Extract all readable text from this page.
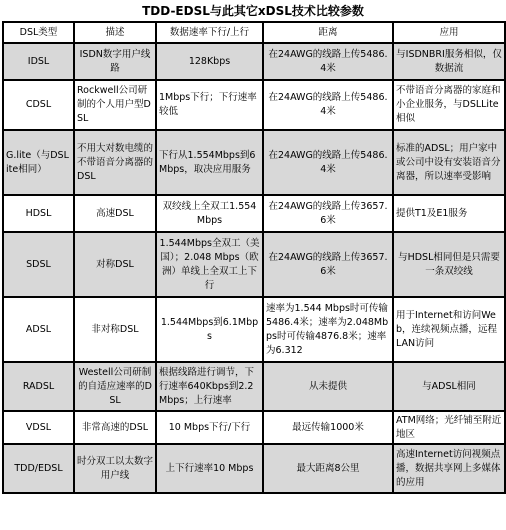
TDD-EDSL与此其它xDSL技术比较参数
DSL类型	描述	数据速率下行/上行	距离	应用
IDSL	ISDN数字用户线路	128Kbps	在24AWG的线路上传5486.4米	与ISDNBRI服务相似，仅数据流
CDSL	Rockwell公司研制的个人用户型DSL	1Mbps下行；下行速率较低	在24AWG的线路上传5486.4米	不带语音分离器的家庭和小企业服务，与DSLLite相似
G.lite（与DSLite相同）	不用大对数电缆的不带语音分离器的DSL	下行从1.554Mbps到6Mbps，取决应用服务	在24AWG的线路上传5486.4米	标准的ADSL；用户家中或公司中设有安装语音分离器，所以速率受影响
HDSL	高速DSL	双绞线上全双工1.554Mbps	在24AWG的线路上传3657.6米	提供T1及E1服务
SDSL	对称DSL	1.544Mbps全双工（美国）；2.048 Mbps（欧洲）单线上全双工上下行	在24AWG的线路上传3657.6米	与HDSL相同但是只需要一条双绞线
ADSL	非对称DSL	1.544Mbps到6.1Mbps	速率为1.544 Mbps时可传输5486.4米；速率为2.048Mbps时可传输4876.8米；速率为6.312	用于Internet和访问Web，连续视频点播，远程LAN访问
RADSL	Westell公司研制的自适应速率的DSL	根据线路进行调节，下行速率640Kbps到2.2 Mbps；上行速率	从未提供	与ADSL相同
VDSL	非常高速的DSL	10 Mbps下行/下行	最远传输1000米	ATM网络；光纤铺至附近地区
TDD/EDSL	时分双工以太数字用户线	上下行速率10 Mbps	最大距离8公里	高速Internet访问视频点播，数据共享网上多媒体的应用
